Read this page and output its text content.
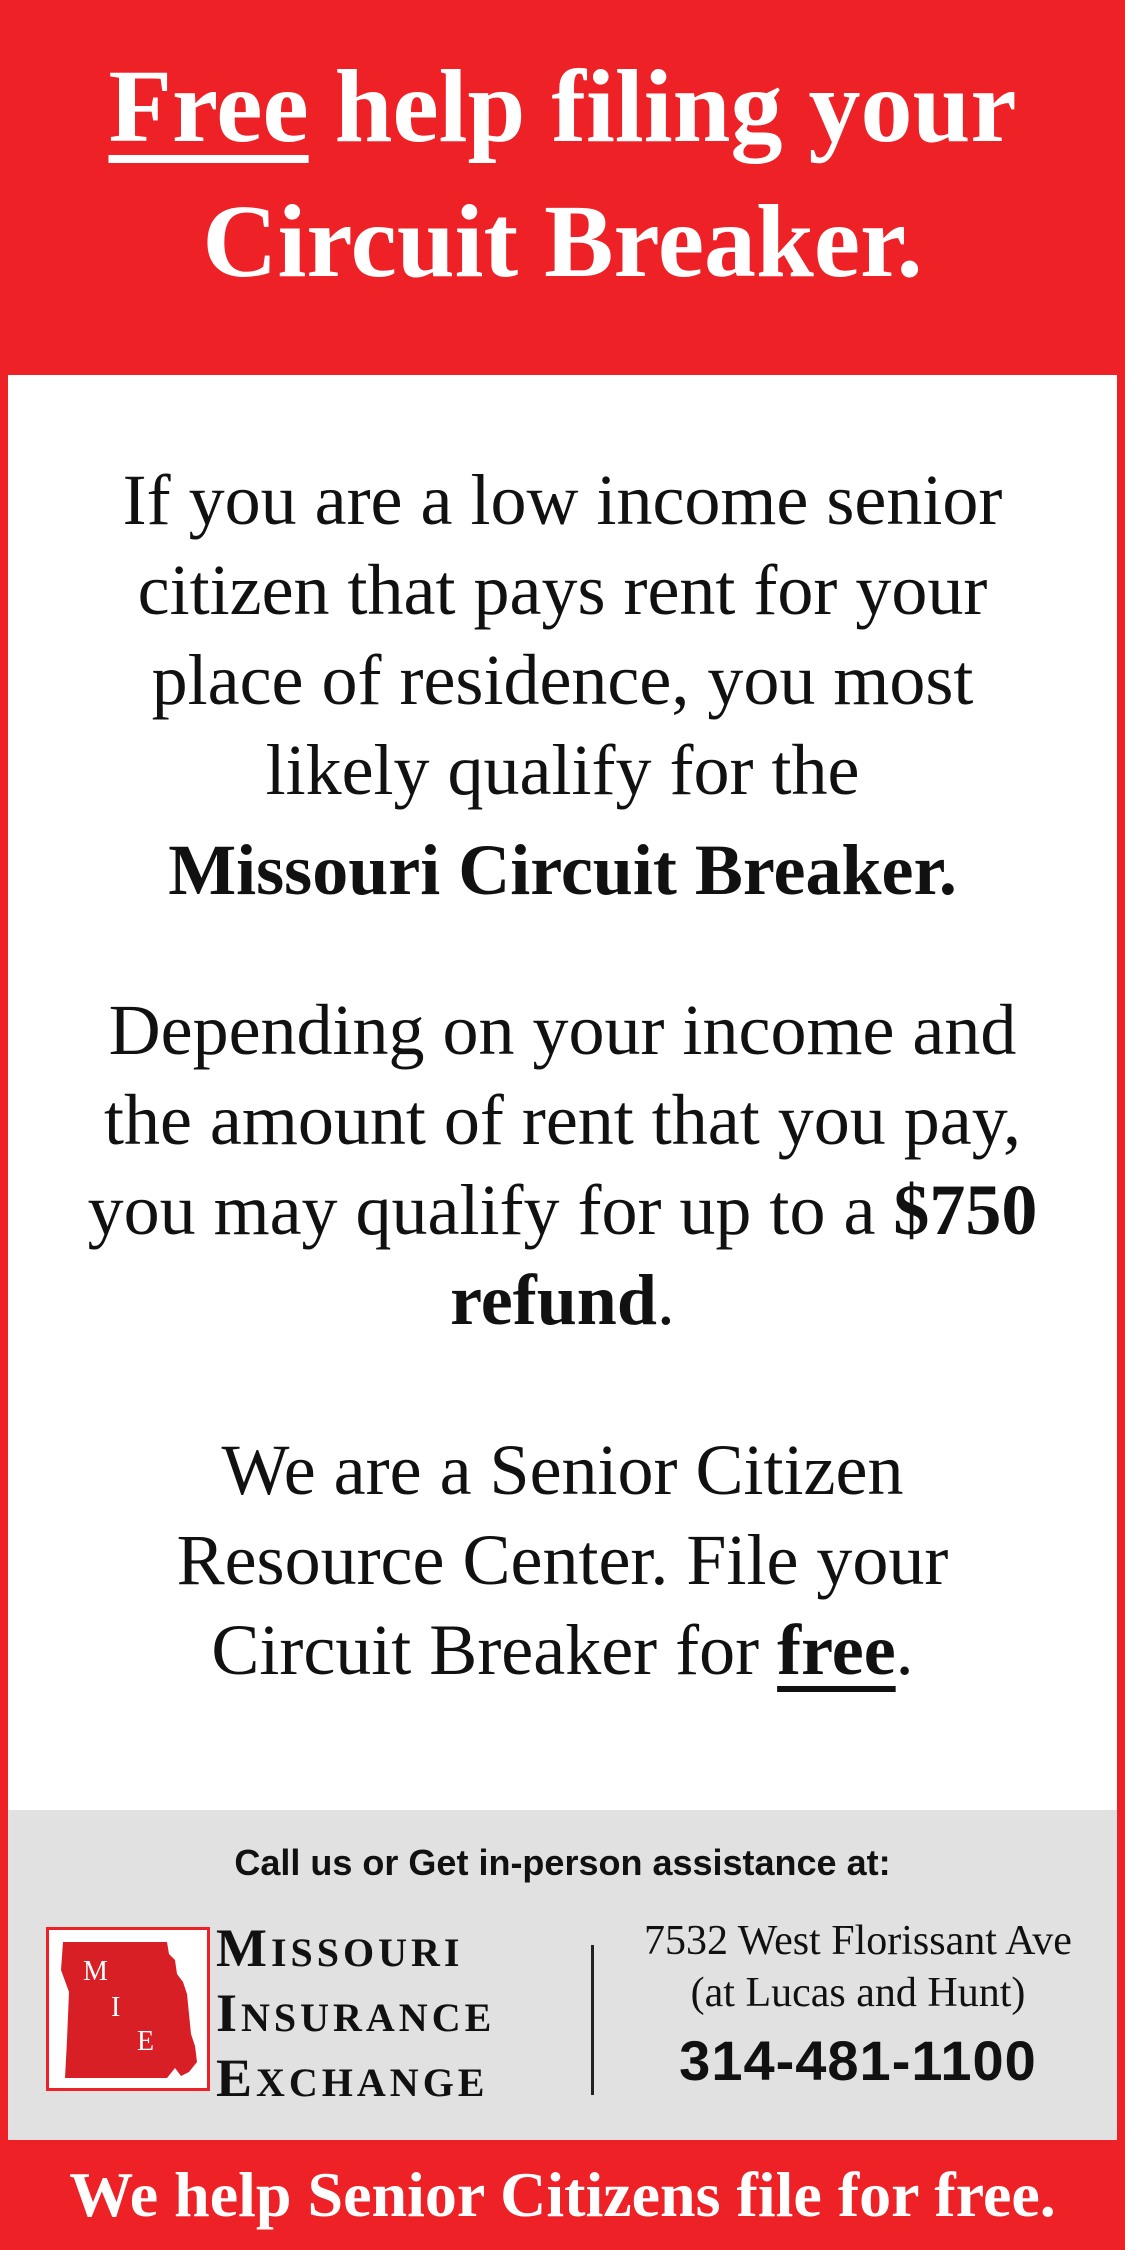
Free help filing your
Circuit Breaker.
If you are a low income senior citizen that pays rent for your place of residence, you most likely qualify for the
Missouri Circuit Breaker.
Depending on your income and the amount of rent that you pay, you may qualify for up to a $750 refund.
We are a Senior Citizen Resource Center. File your Circuit Breaker for free.
Call us or Get in-person assistance at:
M
I
E
MISSOURI
INSURANCE
EXCHANGE
7532 West Florissant Ave
(at Lucas and Hunt)
314-481-1100
We help Senior Citizens file for free.
